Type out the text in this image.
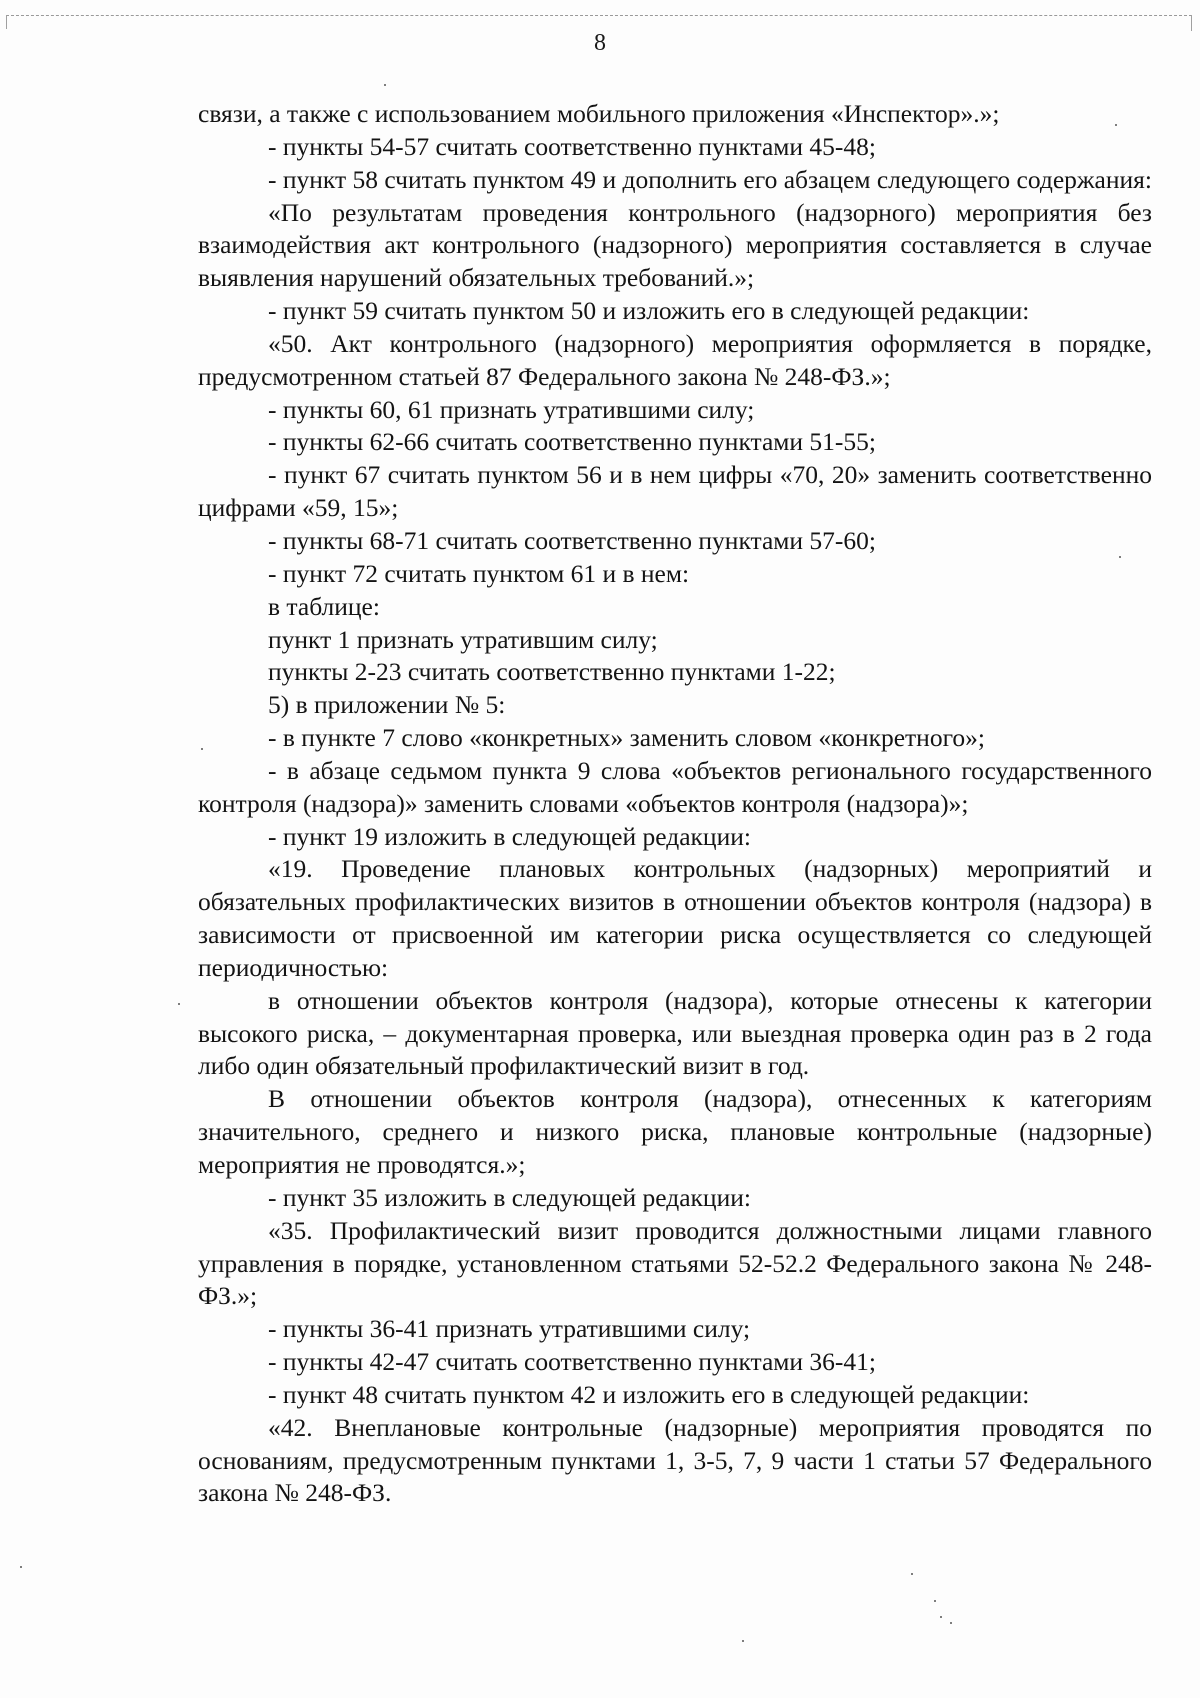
8

связи, а также с использованием мобильного приложения «Инспектор».»;

- пункты 54-57 считать соответственно пунктами 45-48;

- пункт 58 считать пунктом 49 и дополнить его абзацем следующего содержания:

«По результатам проведения контрольного (надзорного) мероприятия без взаимодействия акт контрольного (надзорного) мероприятия составляется в случае выявления нарушений обязательных требований.»;

- пункт 59 считать пунктом 50 и изложить его в следующей редакции:

«50. Акт контрольного (надзорного) мероприятия оформляется в порядке, предусмотренном статьей 87 Федерального закона № 248-ФЗ.»;

- пункты 60, 61 признать утратившими силу;

- пункты 62-66 считать соответственно пунктами 51-55;

- пункт 67 считать пунктом 56 и в нем цифры «70, 20» заменить соответственно цифрами «59, 15»;

- пункты 68-71 считать соответственно пунктами 57-60;

- пункт 72 считать пунктом 61 и в нем:

в таблице:

пункт 1 признать утратившим силу;

пункты 2-23 считать соответственно пунктами 1-22;

5) в приложении № 5:

- в пункте 7 слово «конкретных» заменить словом «конкретного»;

- в абзаце седьмом пункта 9 слова «объектов регионального государственного контроля (надзора)» заменить словами «объектов контроля (надзора)»;

- пункт 19 изложить в следующей редакции:

«19. Проведение плановых контрольных (надзорных) мероприятий и обязательных профилактических визитов в отношении объектов контроля (надзора) в зависимости от присвоенной им категории риска осуществляется со следующей периодичностью:

в отношении объектов контроля (надзора), которые отнесены к категории высокого риска, – документарная проверка, или выездная проверка один раз в 2 года либо один обязательный профилактический визит в год.

В отношении объектов контроля (надзора), отнесенных к категориям значительного, среднего и низкого риска, плановые контрольные (надзорные) мероприятия не проводятся.»;

- пункт 35 изложить в следующей редакции:

«35. Профилактический визит проводится должностными лицами главного управления в порядке, установленном статьями 52-52.2 Федерального закона № 248-ФЗ.»;

- пункты 36-41 признать утратившими силу;

- пункты 42-47 считать соответственно пунктами 36-41;

- пункт 48 считать пунктом 42 и изложить его в следующей редакции:

«42. Внеплановые контрольные (надзорные) мероприятия проводятся по основаниям, предусмотренным пунктами 1, 3-5, 7, 9 части 1 статьи 57 Федерального закона № 248-ФЗ.
